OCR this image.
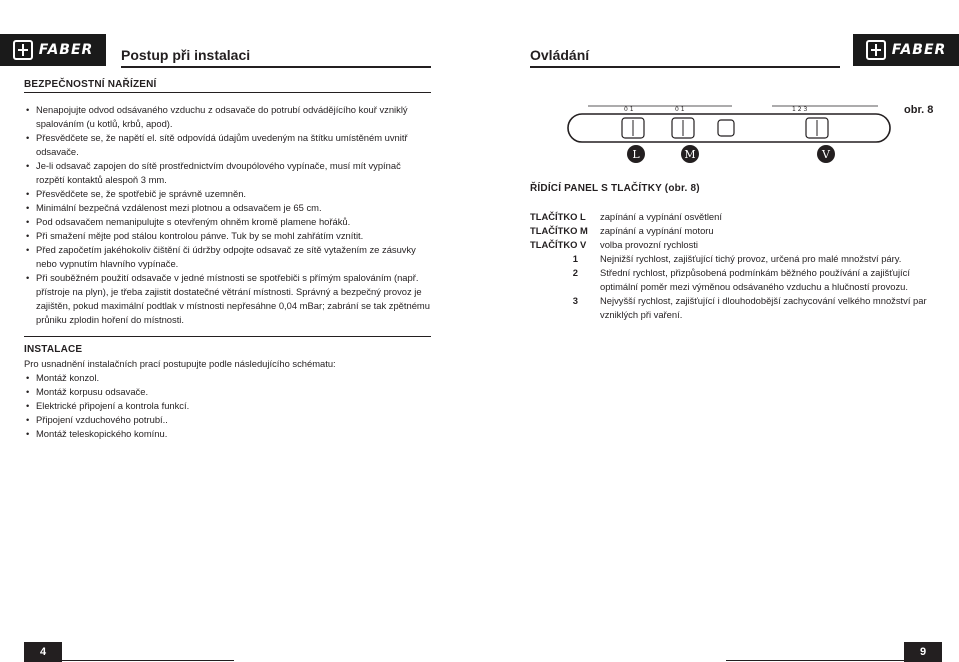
FABER Postup při instalaci
BEZPEČNOSTNÍ NAŘÍZENÍ
• Nenapojujte odvod odsávaného vzduchu z odsavače do potrubí odvádějícího kouř vzniklý spalováním (u kotlů, krbů, apod).
• Přesvědčete se, že napětí el. sítě odpovídá údajům uvedeným na štítku umístěném uvnitř odsavače.
• Je-li odsavač zapojen do sítě prostřednictvím dvoupólového vypínače, musí mít vypínač rozpětí kontaktů alespoň 3 mm.
• Přesvědčete se, že spotřebič je správně uzemněn.
• Minimální bezpečná vzdálenost mezi plotnou a odsavačem je 65 cm.
• Pod odsavačem nemanipulujte s otevřeným ohněm kromě plamene hořáků.
• Při smažení mějte pod stálou kontrolou pánve. Tuk by se mohl zahřátím vznítit.
• Před započetím jakéhokoliv čištění či údržby odpojte odsavač ze sítě vytažením ze zásuvky nebo vypnutím hlavního vypínače.
• Při souběžném použití odsavače v jedné místnosti se spotřebiči s přímým spalováním (např. přístroje na plyn), je třeba zajistit dostatečné větrání místnosti. Správný a bezpečný provoz je zajištěn, pokud maximální podtlak v místnosti nepřesáhne 0,04 mBar; zabrání se tak zpětnému průniku zplodin hoření do místnosti.
INSTALACE
Pro usnadnění instalačních prací postupujte podle následujícího schématu:
• Montáž konzol.
• Montáž korpusu odsavače.
• Elektrické připojení a kontrola funkcí.
• Připojení vzduchového potrubí..
• Montáž teleskopického komínu.
4
Ovládání	FABER
0 1	0 1	1 2 3
L	M	V
obr. 8
ŘÍDÍCÍ PANEL S TLAČÍTKY (obr. 8)
TLAČÍTKO L	zapínání a vypínání osvětlení
TLAČÍTKO M	zapínání a vypínání motoru
TLAČÍTKO V	volba provozní rychlosti
1 Nejnižší rychlost, zajišťující tichý provoz, určená pro malé množství páry.
2 Střední rychlost, přizpůsobená podmínkám běžného používání a zajišťující optimální poměr mezi výměnou odsávaného vzduchu a hlučností provozu.
3 Nejvyšší rychlost, zajišťující i dlouhodobější zachycování velkého množství par vzniklých při vaření.
9
